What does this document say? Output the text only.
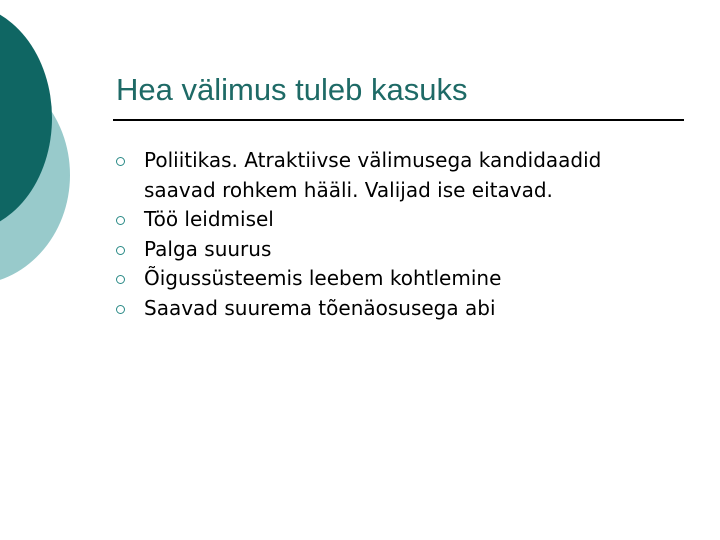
Hea välimus tuleb kasuks
Poliitikas. Atraktiivse välimusega kandidaadid saavad rohkem hääli. Valijad ise eitavad.
Töö leidmisel
Palga suurus
Õigussüsteemis leebem kohtlemine
Saavad suurema tõenäosusega abi
